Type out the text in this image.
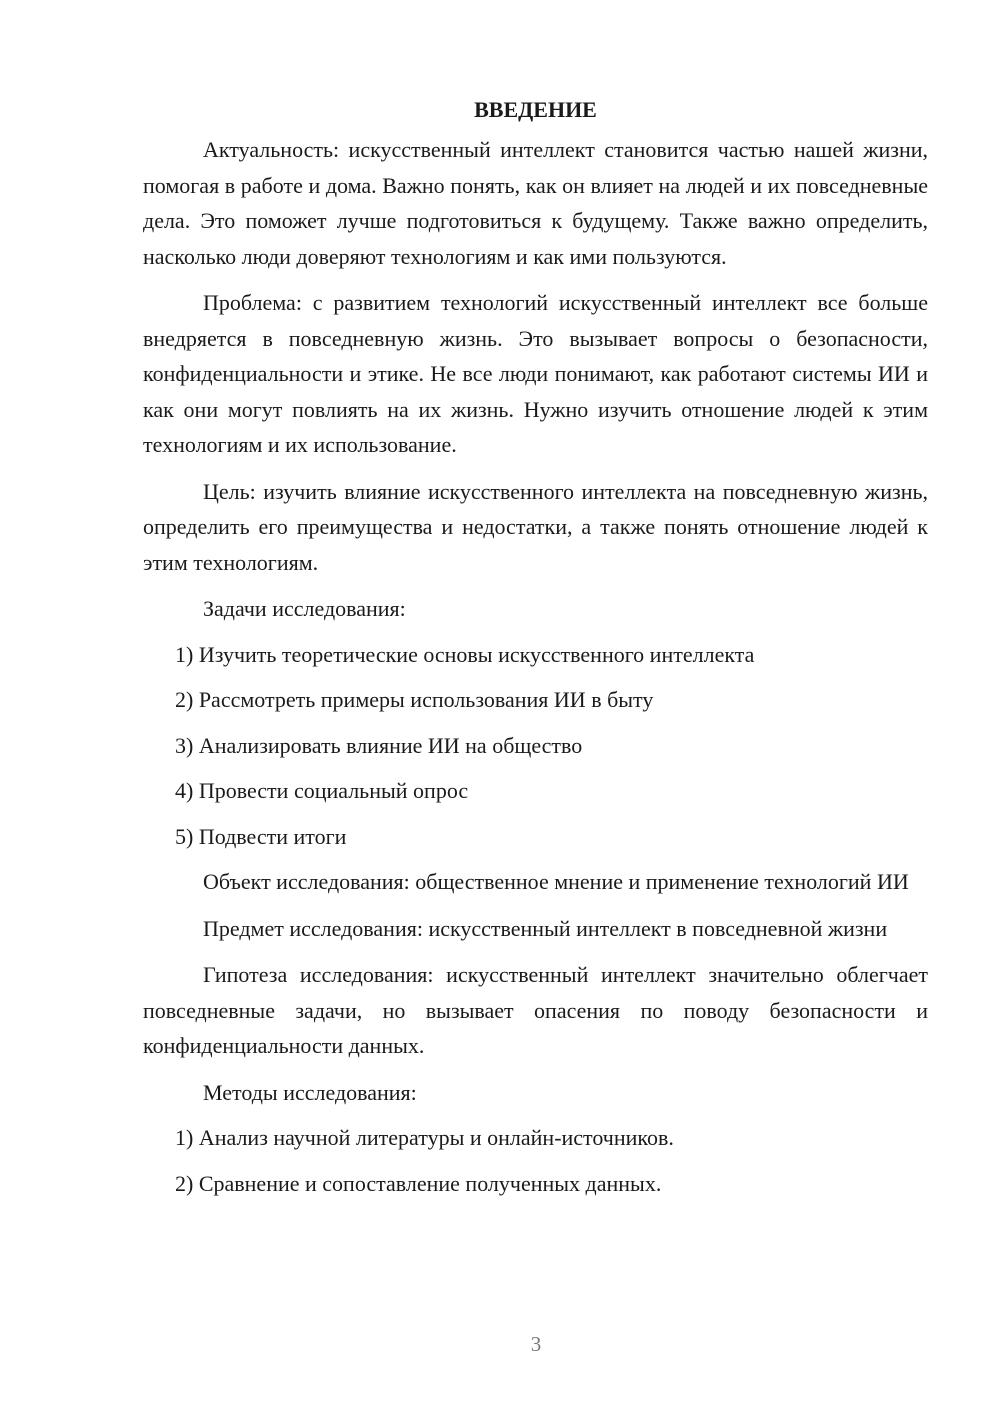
ВВЕДЕНИЕ

Актуальность: искусственный интеллект становится частью нашей жизни, помогая в работе и дома. Важно понять, как он влияет на людей и их повседневные дела. Это поможет лучше подготовиться к будущему. Также важно определить, насколько люди доверяют технологиям и как ими пользуются.

Проблема: с развитием технологий искусственный интеллект все больше внедряется в повседневную жизнь. Это вызывает вопросы о безопасности, конфиденциальности и этике. Не все люди понимают, как работают системы ИИ и как они могут повлиять на их жизнь. Нужно изучить отношение людей к этим технологиям и их использование.

Цель: изучить влияние искусственного интеллекта на повседневную жизнь, определить его преимущества и недостатки, а также понять отношение людей к этим технологиям.

Задачи исследования:

1) Изучить теоретические основы искусственного интеллекта
2) Рассмотреть примеры использования ИИ в быту
3) Анализировать влияние ИИ на общество
4) Провести социальный опрос
5) Подвести итоги

Объект исследования: общественное мнение и применение технологий ИИ

Предмет исследования: искусственный интеллект в повседневной жизни

Гипотеза исследования: искусственный интеллект значительно облегчает повседневные задачи, но вызывает опасения по поводу безопасности и конфиденциальности данных.

Методы исследования:

1) Анализ научной литературы и онлайн-источников.
2) Сравнение и сопоставление полученных данных.
3
